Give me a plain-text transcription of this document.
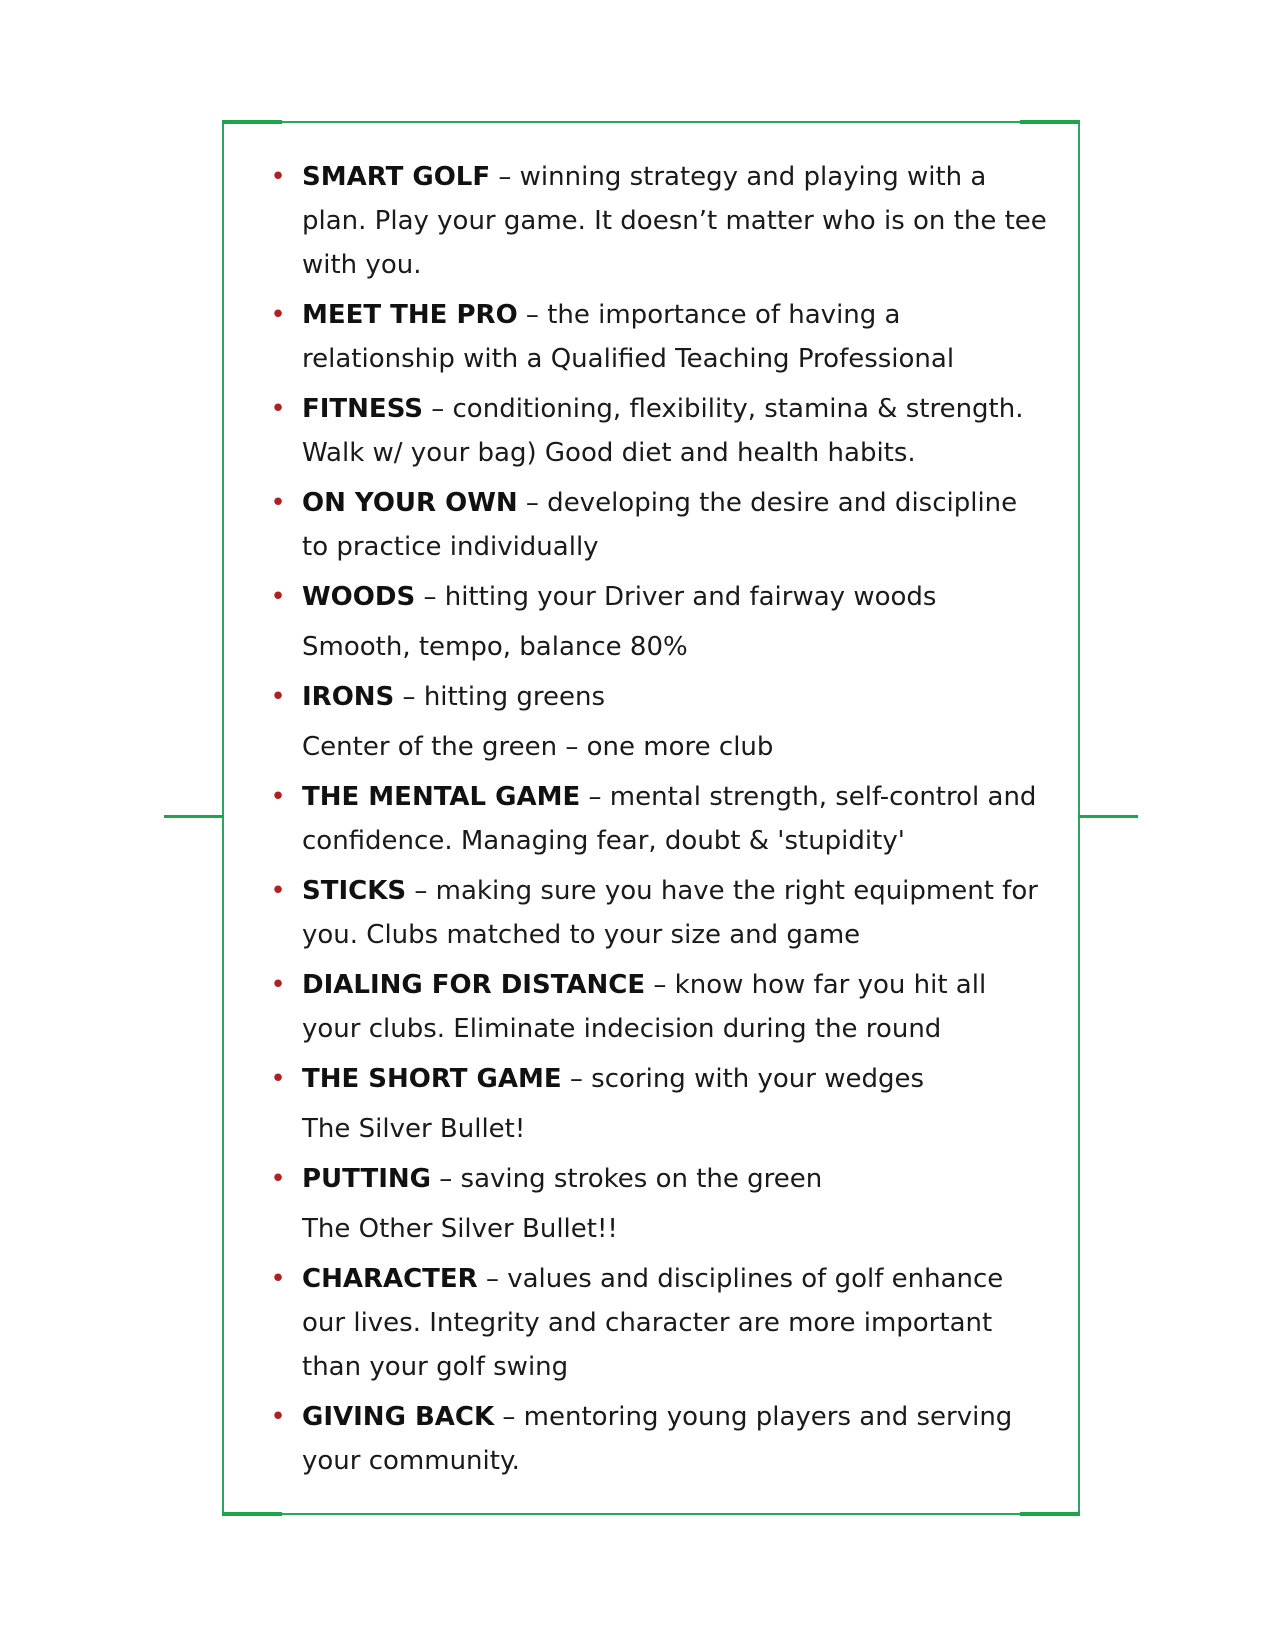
• SMART GOLF – winning strategy and playing with a plan. Play your game. It doesn’t matter who is on the tee with you.
• MEET THE PRO – the importance of having a relationship with a Qualified Teaching Professional
• FITNESS – conditioning, flexibility, stamina & strength. Walk w/ your bag) Good diet and health habits.
• ON YOUR OWN – developing the desire and discipline to practice individually
• WOODS – hitting your Driver and fairway woods
Smooth, tempo, balance 80%
• IRONS – hitting greens
Center of the green – one more club
• THE MENTAL GAME – mental strength, self-control and confidence. Managing fear, doubt & 'stupidity'
• STICKS – making sure you have the right equipment for you. Clubs matched to your size and game
• DIALING FOR DISTANCE – know how far you hit all your clubs. Eliminate indecision during the round
• THE SHORT GAME – scoring with your wedges
The Silver Bullet!
• PUTTING – saving strokes on the green
The Other Silver Bullet!!
• CHARACTER – values and disciplines of golf enhance our lives. Integrity and character are more important than your golf swing
• GIVING BACK – mentoring young players and serving your community.
